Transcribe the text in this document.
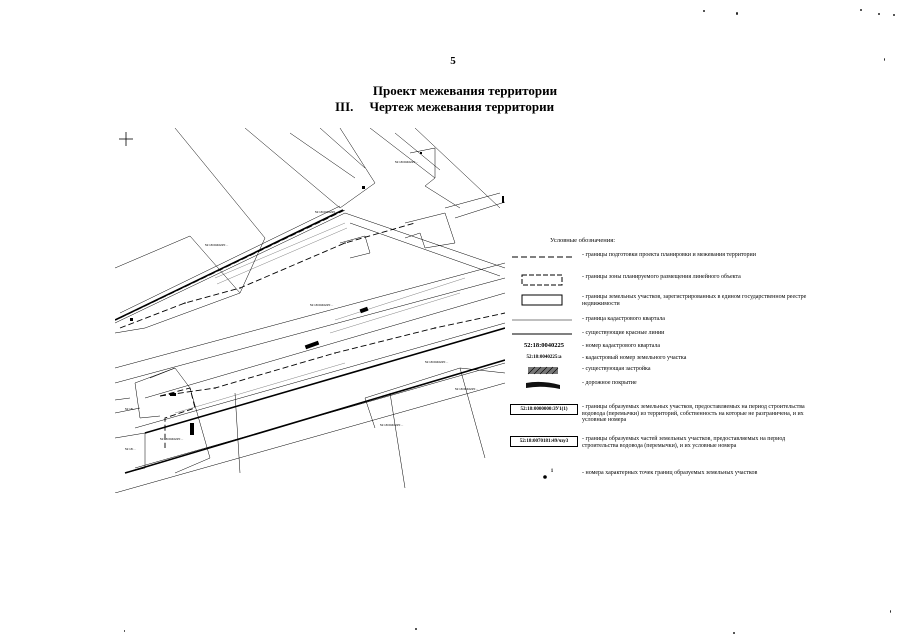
5
Проект межевания территории
III. Чертеж межевания территории
52:18:0040225:...
52:18:0040225:...
52:18:0040225
52:18:0040225:...
52:18:0040225:...
52:18:0040225:...
52:18:...
52:18:...
52:18:0040225:...
52:18:0040225:...
Условные обозначения:
- границы подготовки проекта планировки и межевания территории
- границы зоны планируемого размещения линейного объекта
- границы земельных участков, зарегистрированных в едином государственном реестре недвижимости
- граница кадастрового квартала
- существующие красные линии
52:18:0040225	- номер кадастрового квартала
52:18:0040225:a	- кадастровый номер земельного участка
- существующая застройка
- дорожное покрытие
52:18:0000000:ЗУ1(1)	- границы образуемых земельных участков, предоставляемых на период строительства водовода (перемычки) из территорий, собственность на которые не разграничена, и их условные номера
52:18:0070181:49/чзу3	- границы образуемых частей земельных участков, предоставляемых на период строительства водовода (перемычки), и их условные номера
1	- номера характерных точек границ образуемых земельных участков
